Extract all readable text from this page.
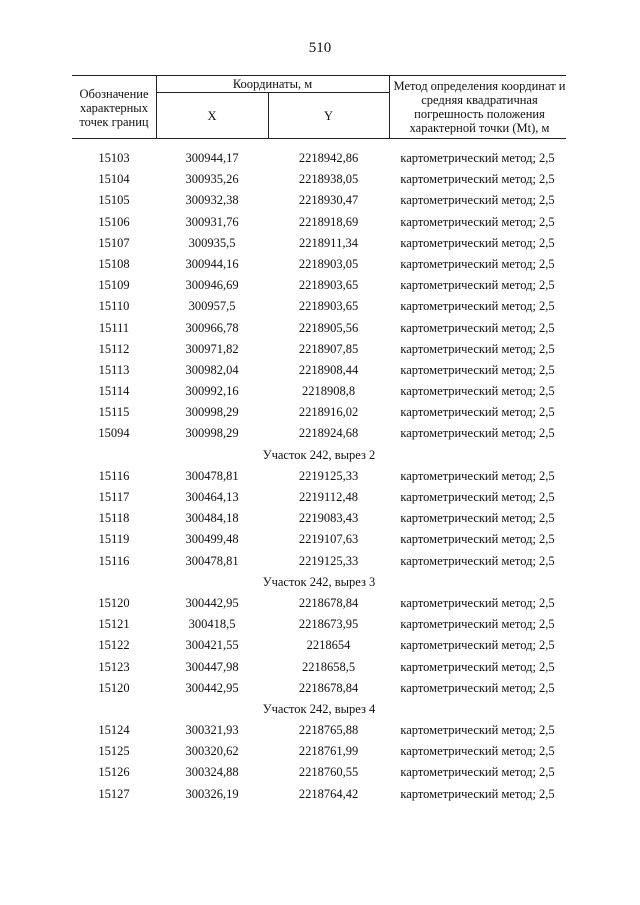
510
Обозначение характерных точек границ
Координаты, м
X	Y
Метод определения координат и средняя квадратичная погрешность положения характерной точки (Mt), м
15103	300944,17	2218942,86	картометрический метод; 2,5
15104	300935,26	2218938,05	картометрический метод; 2,5
15105	300932,38	2218930,47	картометрический метод; 2,5
15106	300931,76	2218918,69	картометрический метод; 2,5
15107	300935,5	2218911,34	картометрический метод; 2,5
15108	300944,16	2218903,05	картометрический метод; 2,5
15109	300946,69	2218903,65	картометрический метод; 2,5
15110	300957,5	2218903,65	картометрический метод; 2,5
15111	300966,78	2218905,56	картометрический метод; 2,5
15112	300971,82	2218907,85	картометрический метод; 2,5
15113	300982,04	2218908,44	картометрический метод; 2,5
15114	300992,16	2218908,8	картометрический метод; 2,5
15115	300998,29	2218916,02	картометрический метод; 2,5
15094	300998,29	2218924,68	картометрический метод; 2,5
Участок 242, вырез 2
15116	300478,81	2219125,33	картометрический метод; 2,5
15117	300464,13	2219112,48	картометрический метод; 2,5
15118	300484,18	2219083,43	картометрический метод; 2,5
15119	300499,48	2219107,63	картометрический метод; 2,5
15116	300478,81	2219125,33	картометрический метод; 2,5
Участок 242, вырез 3
15120	300442,95	2218678,84	картометрический метод; 2,5
15121	300418,5	2218673,95	картометрический метод; 2,5
15122	300421,55	2218654	картометрический метод; 2,5
15123	300447,98	2218658,5	картометрический метод; 2,5
15120	300442,95	2218678,84	картометрический метод; 2,5
Участок 242, вырез 4
15124	300321,93	2218765,88	картометрический метод; 2,5
15125	300320,62	2218761,99	картометрический метод; 2,5
15126	300324,88	2218760,55	картометрический метод; 2,5
15127	300326,19	2218764,42	картометрический метод; 2,5
